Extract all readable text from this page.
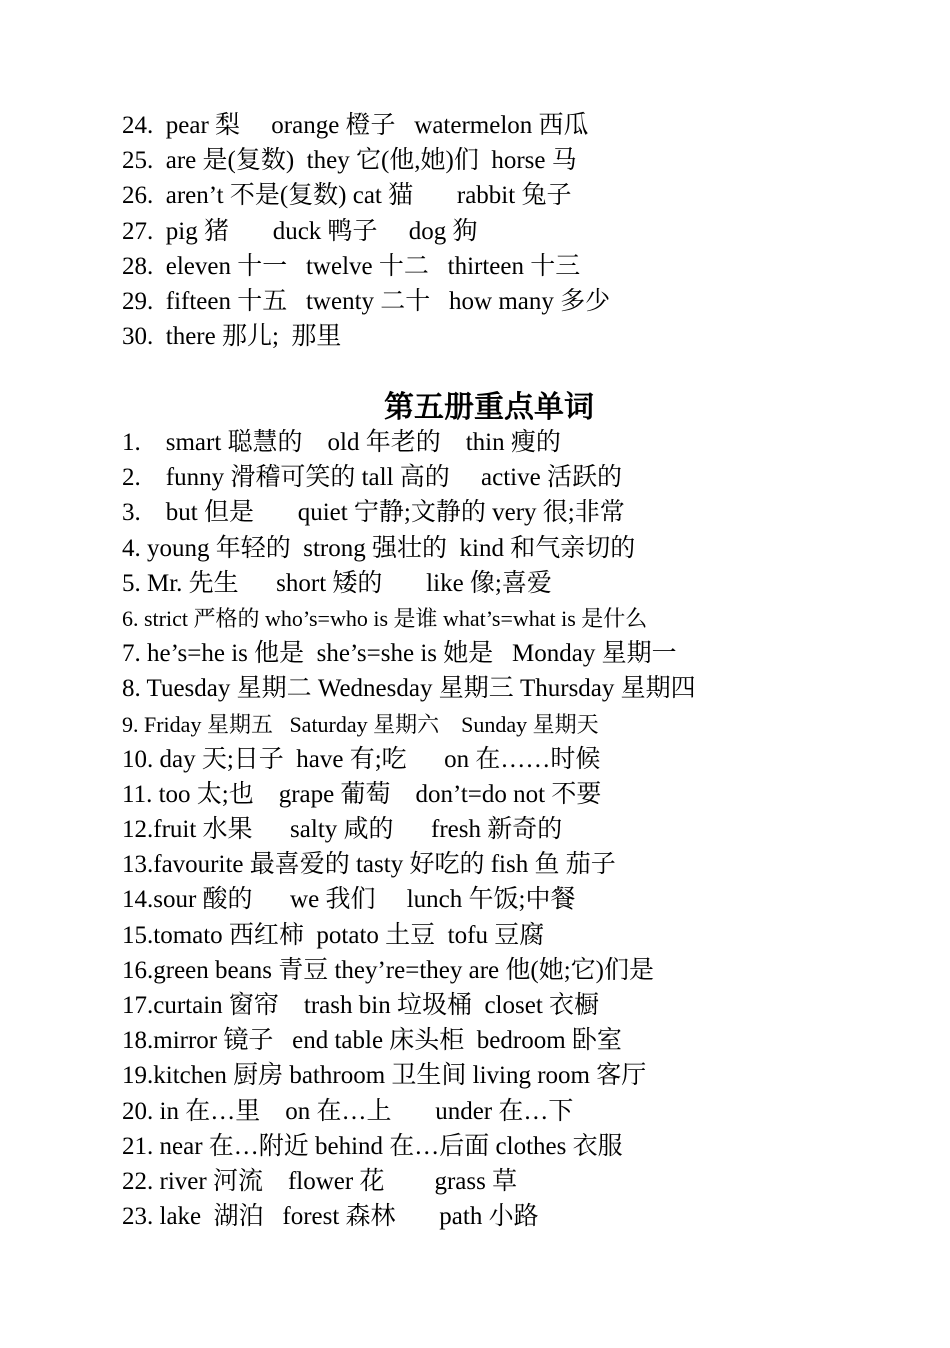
24.  pear 梨     orange 橙子   watermelon 西瓜
25.  are 是(复数)  they 它(他,她)们  horse 马
26.  aren’t 不是(复数) cat 猫       rabbit 兔子
27.  pig 猪       duck 鸭子     dog 狗
28.  eleven 十一   twelve 十二   thirteen 十三
29.  fifteen 十五   twenty 二十   how many 多少
30.  there 那儿;  那里
第五册重点单词
1.    smart 聪慧的    old 年老的    thin 瘦的
2.    funny 滑稽可笑的 tall 高的     active 活跃的
3.    but 但是       quiet 宁静;文静的 very 很;非常
4. young 年轻的  strong 强壮的  kind 和气亲切的
5. Mr. 先生      short 矮的       like 像;喜爱
6. strict 严格的 who’s=who is 是谁 what’s=what is 是什么
7. he’s=he is 他是  she’s=she is 她是   Monday 星期一
8. Tuesday 星期二 Wednesday 星期三 Thursday 星期四
9. Friday 星期五   Saturday 星期六    Sunday 星期天
10. day 天;日子  have 有;吃      on 在……时候
11. too 太;也    grape 葡萄    don’t=do not 不要
12.fruit 水果      salty 咸的      fresh 新奇的
13.favourite 最喜爱的 tasty 好吃的 fish 鱼 茄子
14.sour 酸的      we 我们     lunch 午饭;中餐
15.tomato 西红柿  potato 土豆  tofu 豆腐
16.green beans 青豆 they’re=they are 他(她;它)们是
17.curtain 窗帘    trash bin 垃圾桶  closet 衣橱
18.mirror 镜子   end table 床头柜  bedroom 卧室
19.kitchen 厨房 bathroom 卫生间 living room 客厅
20. in 在…里    on 在…上       under 在…下
21. near 在…附近 behind 在…后面 clothes 衣服
22. river 河流    flower 花        grass 草
23. lake  湖泊   forest 森林       path 小路
